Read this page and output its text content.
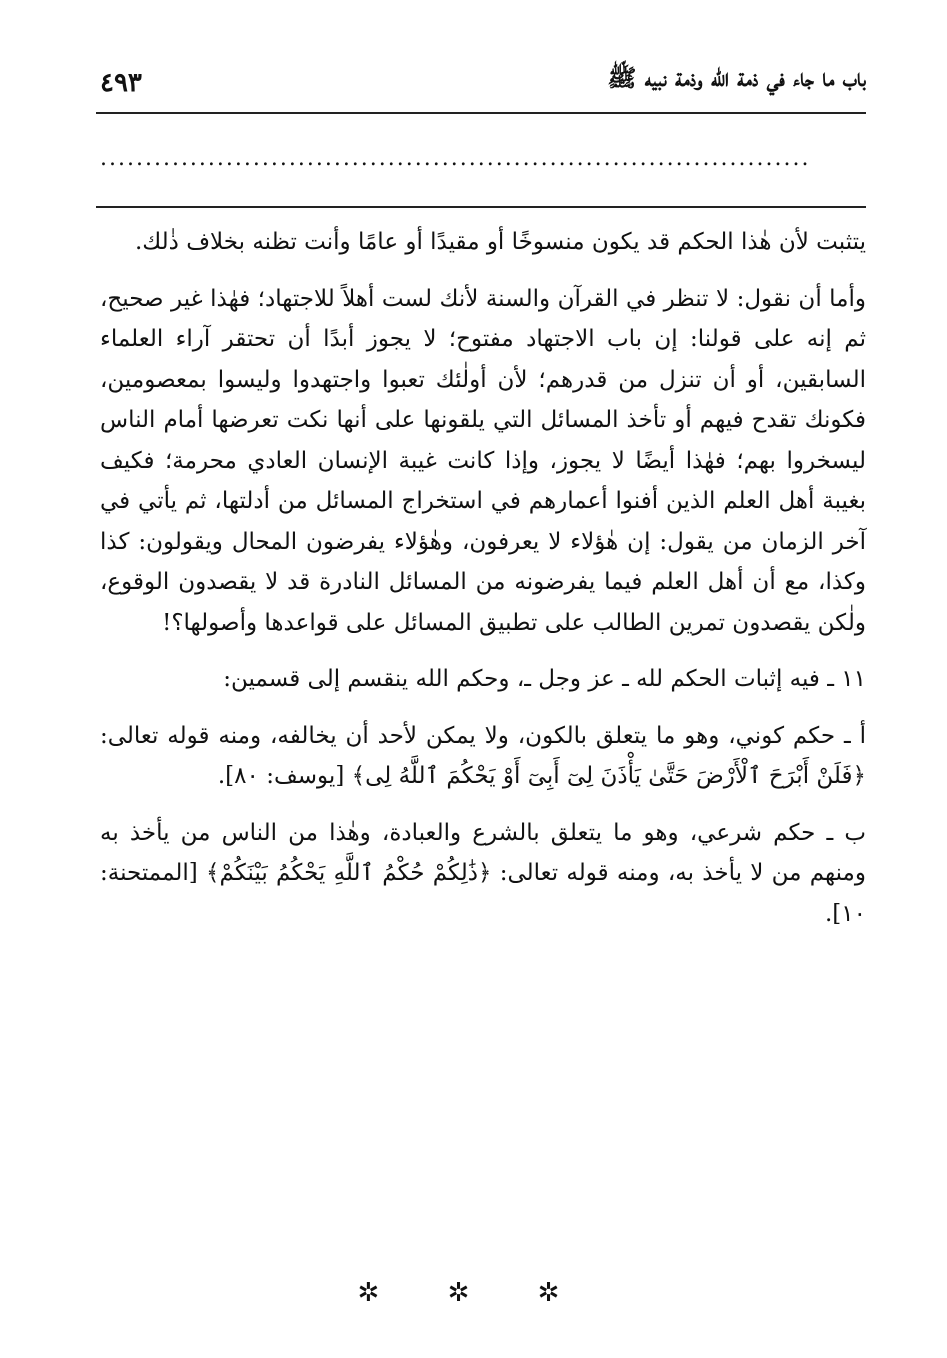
باب ما جاء في ذمة الله وذمة نبيه ﷺ
٤٩٣
...............................................................................

يتثبت لأن هٰذا الحكم قد يكون منسوخًا أو مقيدًا أو عامًا وأنت تظنه بخلاف ذٰلك.

وأما أن نقول: لا تنظر في القرآن والسنة لأنك لست أهلاً للاجتهاد؛ فهٰذا غير صحيح، ثم إنه على قولنا: إن باب الاجتهاد مفتوح؛ لا يجوز أبدًا أن تحتقر آراء العلماء السابقين، أو أن تنزل من قدرهم؛ لأن أولٰئك تعبوا واجتهدوا وليسوا بمعصومين، فكونك تقدح فيهم أو تأخذ المسائل التي يلقونها على أنها نكت تعرضها أمام الناس ليسخروا بهم؛ فهٰذا أيضًا لا يجوز، وإذا كانت غيبة الإنسان العادي محرمة؛ فكيف بغيبة أهل العلم الذين أفنوا أعمارهم في استخراج المسائل من أدلتها، ثم يأتي في آخر الزمان من يقول: إن هٰؤلاء لا يعرفون، وهٰؤلاء يفرضون المحال ويقولون: كذا وكذا، مع أن أهل العلم فيما يفرضونه من المسائل النادرة قد لا يقصدون الوقوع، ولٰكن يقصدون تمرين الطالب على تطبيق المسائل على قواعدها وأصولها؟!

١١ ـ فيه إثبات الحكم لله ـ عز وجل ـ، وحكم الله ينقسم إلى قسمين:

أ ـ حكم كوني، وهو ما يتعلق بالكون، ولا يمكن لأحد أن يخالفه، ومنه قوله تعالى: ﴿فَلَنْ أَبْرَحَ ٱلْأَرْضَ حَتَّىٰ يَأْذَنَ لِىٓ أَبِىٓ أَوْ يَحْكُمَ ٱللَّهُ لِى﴾ [يوسف: ٨٠].

ب ـ حكم شرعي، وهو ما يتعلق بالشرع والعبادة، وهٰذا من الناس من يأخذ به ومنهم من لا يأخذ به، ومنه قوله تعالى: ﴿ذَٰلِكُمْ حُكْمُ ٱللَّهِ يَحْكُمُ بَيْنَكُمْ﴾ [الممتحنة: ١٠].

✲ ✲ ✲
